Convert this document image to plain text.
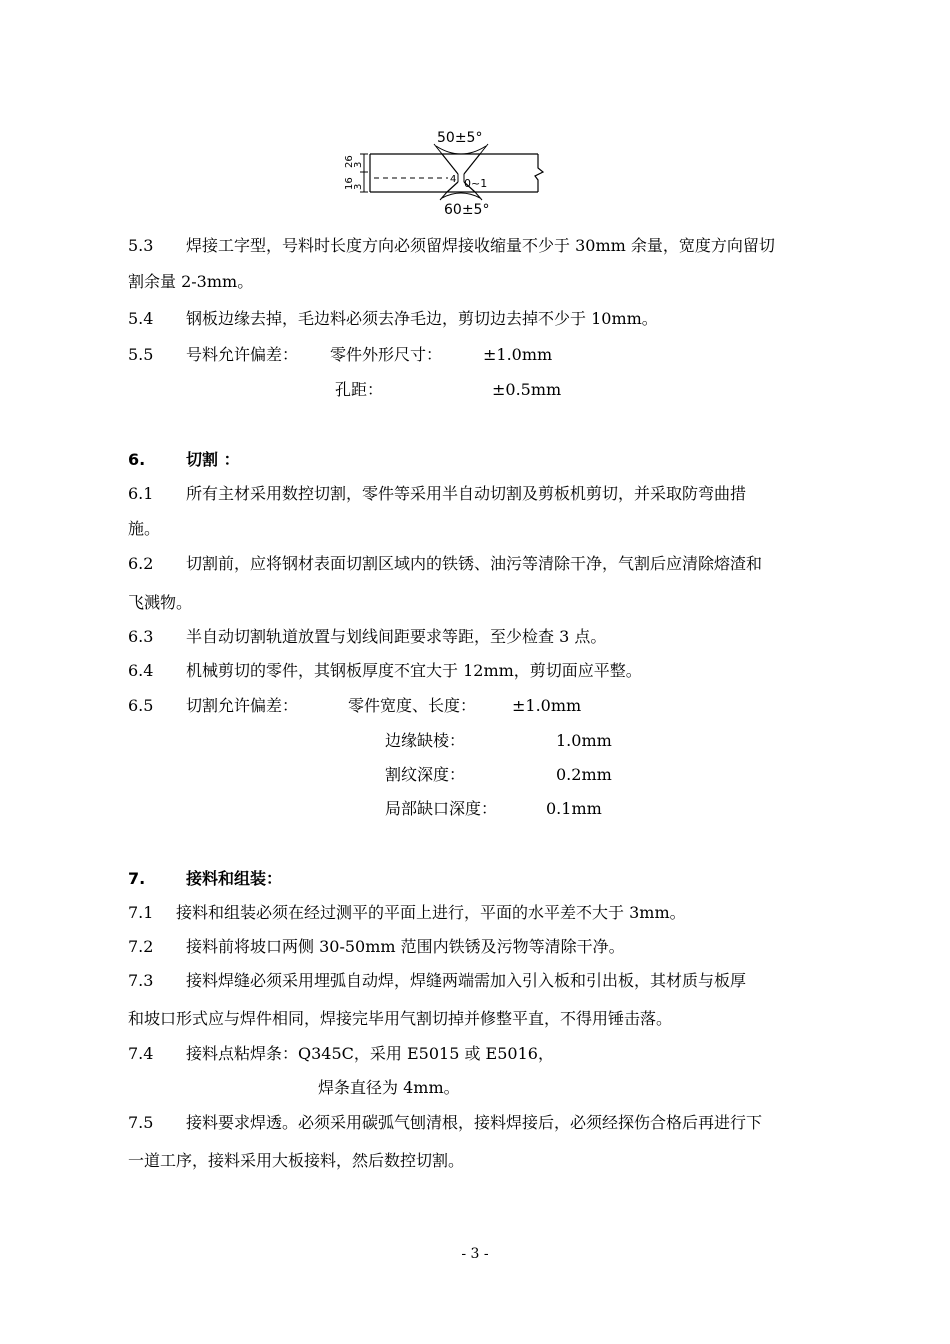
50±5°
60±5°
26
3
16
3
4 0~1
5.3 焊接工字型，号料时长度方向必须留焊接收缩量不少于 30mm 余量，宽度方向留切
割余量 2-3mm。
5.4 钢板边缘去掉，毛边料必须去净毛边，剪切边去掉不少于 10mm。
5.5 号料允许偏差： 零件外形尺寸：	±1.0mm
孔距：	±0.5mm
6.	切割 ：
6.1 所有主材采用数控切割，零件等采用半自动切割及剪板机剪切，并采取防弯曲措
施。
6.2 切割前，应将钢材表面切割区域内的铁锈、油污等清除干净，气割后应清除熔渣和
飞溅物。
6.3 半自动切割轨道放置与划线间距要求等距，至少检查 3 点。
6.4 机械剪切的零件，其钢板厚度不宜大于 12mm，剪切面应平整。
6.5 切割允许偏差：	零件宽度、长度： ±1.0mm
边缘缺棱：	1.0mm
割纹深度：	0.2mm
局部缺口深度：	0.1mm
7.	接料和组装：
7.1 接料和组装必须在经过测平的平面上进行，平面的水平差不大于 3mm。
7.2 接料前将坡口两侧 30-50mm 范围内铁锈及污物等清除干净。
7.3 接料焊缝必须采用埋弧自动焊，焊缝两端需加入引入板和引出板，其材质与板厚
和坡口形式应与焊件相同，焊接完毕用气割切掉并修整平直，不得用锤击落。
7.4 接料点粘焊条：Q345C，采用 E5015 或 E5016，
焊条直径为 4mm。
7.5 接料要求焊透。必须采用碳弧气刨清根，接料焊接后，必须经探伤合格后再进行下
一道工序，接料采用大板接料，然后数控切割。
- 3 -
